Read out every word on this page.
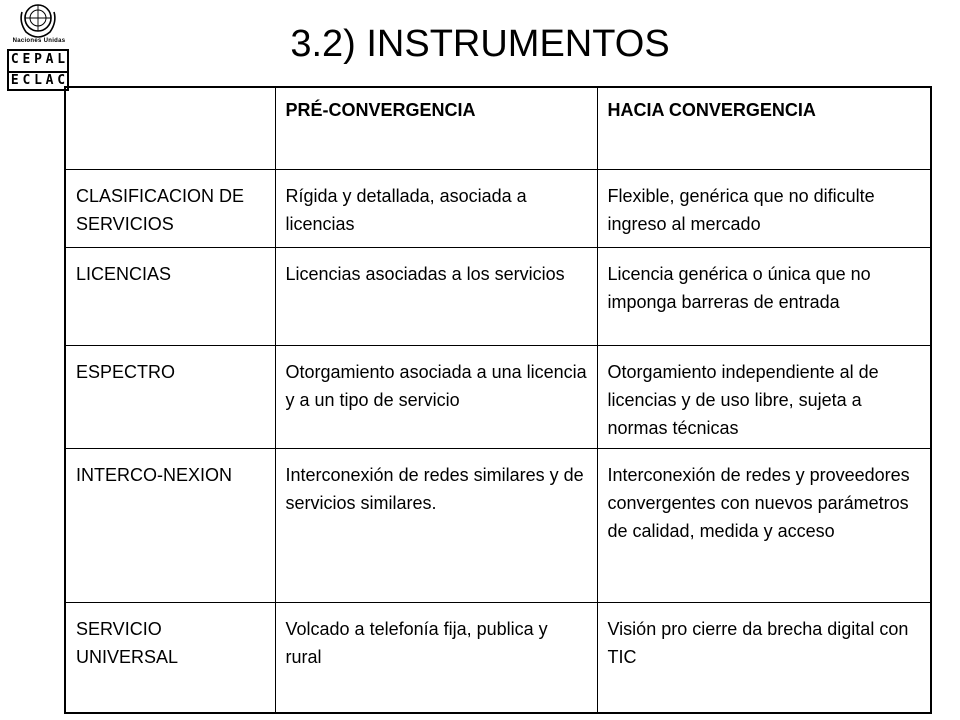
Naciones Unidas
C E P A L
E C L A C
3.2) INSTRUMENTOS
	PRÉ-CONVERGENCIA	HACIA CONVERGENCIA
CLASIFICACION DE SERVICIOS	Rígida y detallada, asociada a licencias	Flexible, genérica que no dificulte ingreso al mercado
LICENCIAS	Licencias asociadas a los servicios	Licencia genérica o única que no imponga barreras de entrada
ESPECTRO	Otorgamiento asociada a una licencia y a un tipo de servicio	Otorgamiento independiente al de licencias y de uso libre, sujeta a normas técnicas
INTERCO-NEXION	Interconexión de redes similares y de servicios similares.	Interconexión de redes y proveedores convergentes con nuevos parámetros de calidad, medida y acceso
SERVICIO UNIVERSAL	Volcado a telefonía fija, publica y rural	Visión pro cierre da brecha digital con TIC
